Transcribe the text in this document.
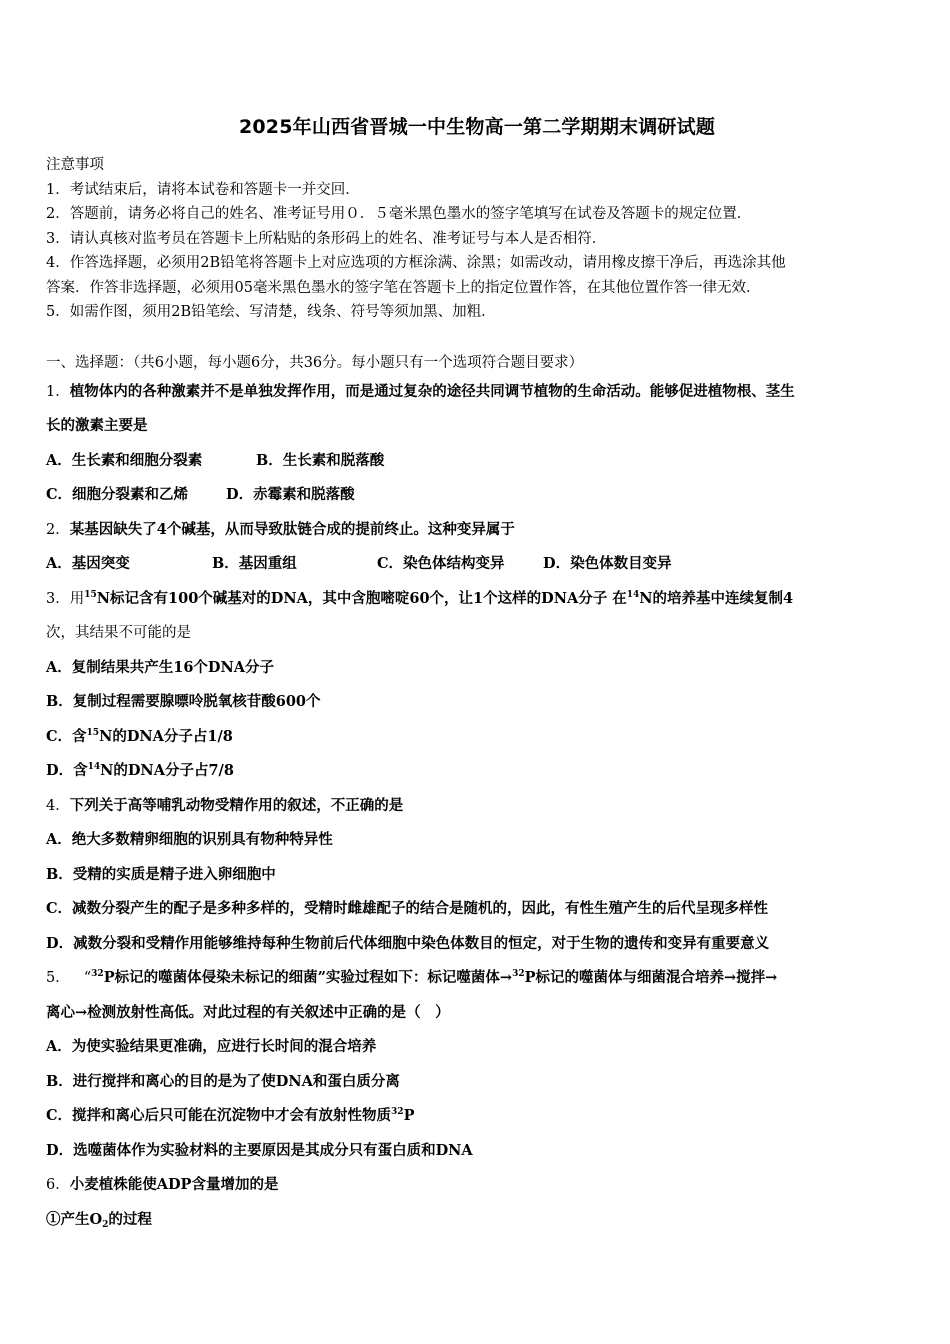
2025年山西省晋城一中生物高一第二学期期末调研试题

注意事项

1．考试结束后，请将本试卷和答题卡一并交回．

2．答题前，请务必将自己的姓名、准考证号用０．５毫米黑色墨水的签字笔填写在试卷及答题卡的规定位置．

3．请认真核对监考员在答题卡上所粘贴的条形码上的姓名、准考证号与本人是否相符．

4．作答选择题，必须用2B铅笔将答题卡上对应选项的方框涂满、涂黑；如需改动，请用橡皮擦干净后，再选涂其他

答案．作答非选择题，必须用05毫米黑色墨水的签字笔在答题卡上的指定位置作答，在其他位置作答一律无效．

5．如需作图，须用2B铅笔绘、写清楚，线条、符号等须加黑、加粗．

一、选择题：（共6小题，每小题6分，共36分。每小题只有一个选项符合题目要求）
1．植物体内的各种激素并不是单独发挥作用，而是通过复杂的途径共同调节植物的生命活动。能够促进植物根、茎生
长的激素主要是
A．生长素和细胞分裂素	B．生长素和脱落酸
C．细胞分裂素和乙烯	D．赤霉素和脱落酸
2．某基因缺失了4个碱基，从而导致肽链合成的提前终止。这种变异属于
A．基因突变	B．基因重组	C．染色体结构变异	D．染色体数目变异
3．用$^{15}$N标记含有100个碱基对的DNA，其中含胞嘧啶60个，让1个这样的DNA分子 在$^{14}$N的培养基中连续复制4
次，其结果不可能的是
A．复制结果共产生16个DNA分子
B．复制过程需要腺嘌呤脱氧核苷酸600个
C．含$^{15}$N的DNA分子占1/8
D．含$^{14}$N的DNA分子占7/8
4．下列关于高等哺乳动物受精作用的叙述，不正确的是
A．绝大多数精卵细胞的识别具有物种特异性
B．受精的实质是精子进入卵细胞中
C．减数分裂产生的配子是多种多样的，受精时雌雄配子的结合是随机的，因此，有性生殖产生的后代呈现多样性
D．减数分裂和受精作用能够维持每种生物前后代体细胞中染色体数目的恒定，对于生物的遗传和变异有重要意义
5． “$^{32}$P标记的噬菌体侵染未标记的细菌”实验过程如下：标记噬菌体→$^{32}$P标记的噬菌体与细菌混合培养→搅拌→
离心→检测放射性高低。对此过程的有关叙述中正确的是（　）
A．为使实验结果更准确，应进行长时间的混合培养
B．进行搅拌和离心的目的是为了使DNA和蛋白质分离
C．搅拌和离心后只可能在沉淀物中才会有放射性物质$^{32}$P
D．选噬菌体作为实验材料的主要原因是其成分只有蛋白质和DNA
6．小麦植株能使ADP含量增加的是
①产生$O_2$的过程
